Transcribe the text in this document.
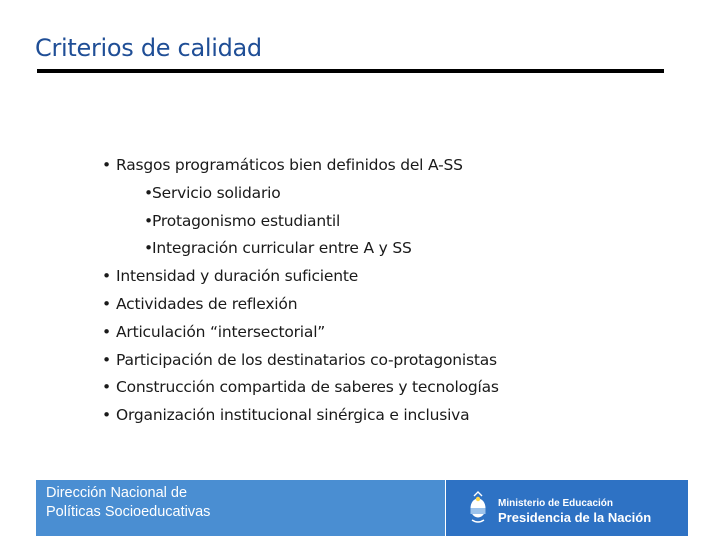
Criterios de calidad
• Rasgos programáticos bien definidos del A-SS
•Servicio solidario
•Protagonismo estudiantil
•Integración curricular entre A y SS
• Intensidad y duración suficiente
• Actividades de reflexión
• Articulación “intersectorial”
• Participación de los destinatarios co-protagonistas
• Construcción compartida de saberes y tecnologías
• Organización institucional sinérgica e inclusiva
Dirección Nacional de
Políticas Socioeducativas
Ministerio de Educación
Presidencia de la Nación
